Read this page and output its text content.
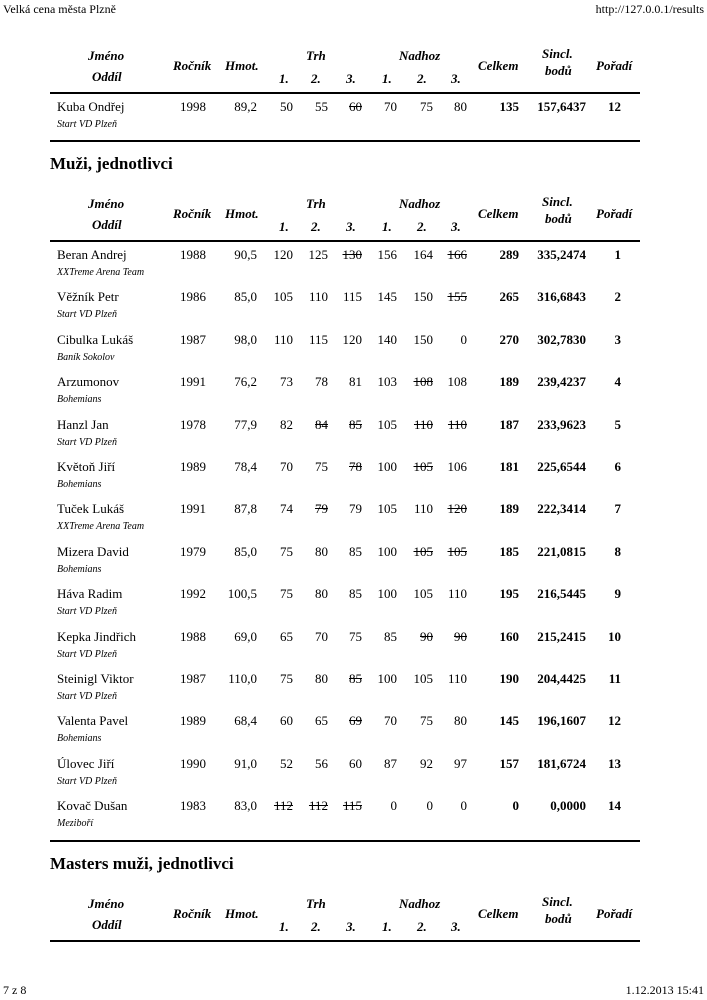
Velká cena města Plzně	http://127.0.0.1/results
7 z 8	1.12.2013 15:41
Jméno
Oddíl
Ročník Hmot.
Trh	Nadhoz
1. 2. 3. 1. 2. 3.
Celkem
Sincl.
bodů Pořadí
Kuba Ondřej
Start VD Plzeň
1998 89,2 50 55 60 70 75 80	135 157,6437 12
Muži, jednotlivci
Jméno
Oddíl
Ročník Hmot.
Trh	Nadhoz
1. 2. 3. 1. 2. 3.
Celkem
Sincl.
bodů Pořadí
Beran Andrej
XXTreme Arena Team
1988 90,5 120 125 130 156 164 166	289 335,2474 1
Věžník Petr
Start VD Plzeň
1986 85,0 105 110 115 145 150 155	265 316,6843 2
Cibulka Lukáš
Baník Sokolov
1987 98,0 110 115 120 140 150 0	270 302,7830 3
Arzumonov
Bohemians
1991 76,2 73 78 81 103 108 108	189 239,4237 4
Hanzl Jan
Start VD Plzeň
1978 77,9 82 84 85 105 110 110	187 233,9623 5
Květoň Jiří
Bohemians
1989 78,4 70 75 78 100 105 106	181 225,6544 6
Tuček Lukáš
XXTreme Arena Team
1991 87,8 74 79 79 105 110 120	189 222,3414 7
Mizera David
Bohemians
1979 85,0 75 80 85 100 105 105	185 221,0815 8
Háva Radim
Start VD Plzeň
1992 100,5 75 80 85 100 105 110	195 216,5445 9
Kepka Jindřich
Start VD Plzeň
1988 69,0 65 70 75 85 90 90	160 215,2415 10
Steinigl Viktor
Start VD Plzeň
1987 110,0 75 80 85 100 105 110	190 204,4425 11
Valenta Pavel
Bohemians
1989 68,4 60 65 69 70 75 80	145 196,1607 12
Úlovec Jiří
Start VD Plzeň
1990 91,0 52 56 60 87 92 97	157 181,6724 13
Kovač Dušan
Meziboří
1983 83,0 112 112 115 0 0 0	0 0,0000 14
Masters muži, jednotlivci
Jméno
Oddíl
Ročník Hmot.
Trh	Nadhoz
1. 2. 3. 1. 2. 3.
Celkem
Sincl.
bodů Pořadí
